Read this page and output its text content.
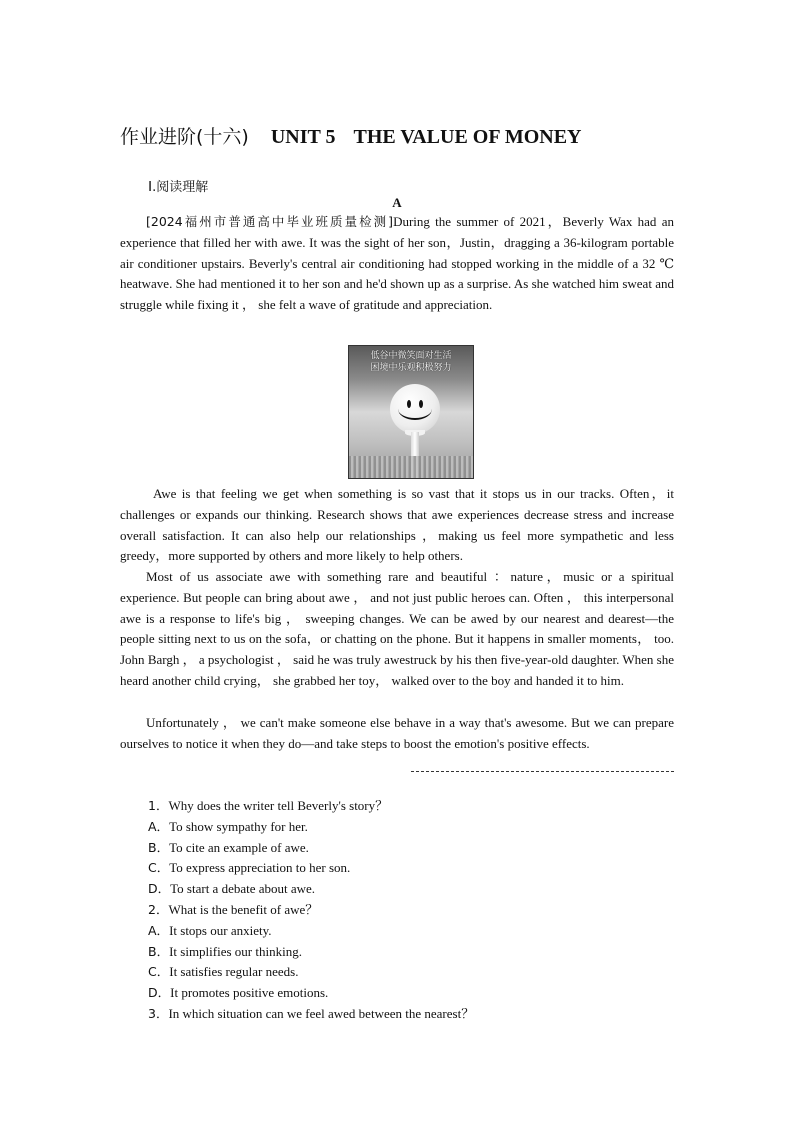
作业进阶(十六) UNIT 5 THE VALUE OF MONEY
Ⅰ.阅读理解
A
[2024福州市普通高中毕业班质量检测]During the summer of 2021，Beverly Wax had an experience that filled her with awe. It was the sight of her son，Justin，dragging a 36-kilogram portable air conditioner upstairs. Beverly's central air conditioning had stopped working in the middle of a 32 ℃ heatwave. She had mentioned it to her son and he'd shown up as a surprise. As she watched him sweat and struggle while fixing it ， she felt a wave of gratitude and appreciation.
低谷中微笑面对生活
困境中乐观积极努力
Awe is that feeling we get when something is so vast that it stops us in our tracks. Often，it challenges or expands our thinking. Research shows that awe experiences decrease stress and increase overall satisfaction. It can also help our relationships ，making us feel more sympathetic and less greedy，more supported by others and more likely to help others.
Most of us associate awe with something rare and beautiful ：nature，music or a spiritual experience. But people can bring about awe ， and not just public heroes can. Often ， this interpersonal awe is a response to life's big ， sweeping changes. We can be awed by our nearest and dearest—the people sitting next to us on the sofa，or chatting on the phone. But it happens in smaller moments， too. John Bargh ， a psychologist ， said he was truly awestruck by his then five-year-old daughter. When she heard another child crying， she grabbed her toy， walked over to the boy and handed it to him.
Unfortunately ， we can't make someone else behave in a way that's awesome. But we can prepare ourselves to notice it when they do—and take steps to boost the emotion's positive effects.
1．Why does the writer tell Beverly's story？
A．To show sympathy for her.
B．To cite an example of awe.
C．To express appreciation to her son.
D．To start a debate about awe.
2．What is the benefit of awe？
A．It stops our anxiety.
B．It simplifies our thinking.
C．It satisfies regular needs.
D．It promotes positive emotions.
3．In which situation can we feel awed between the nearest？
